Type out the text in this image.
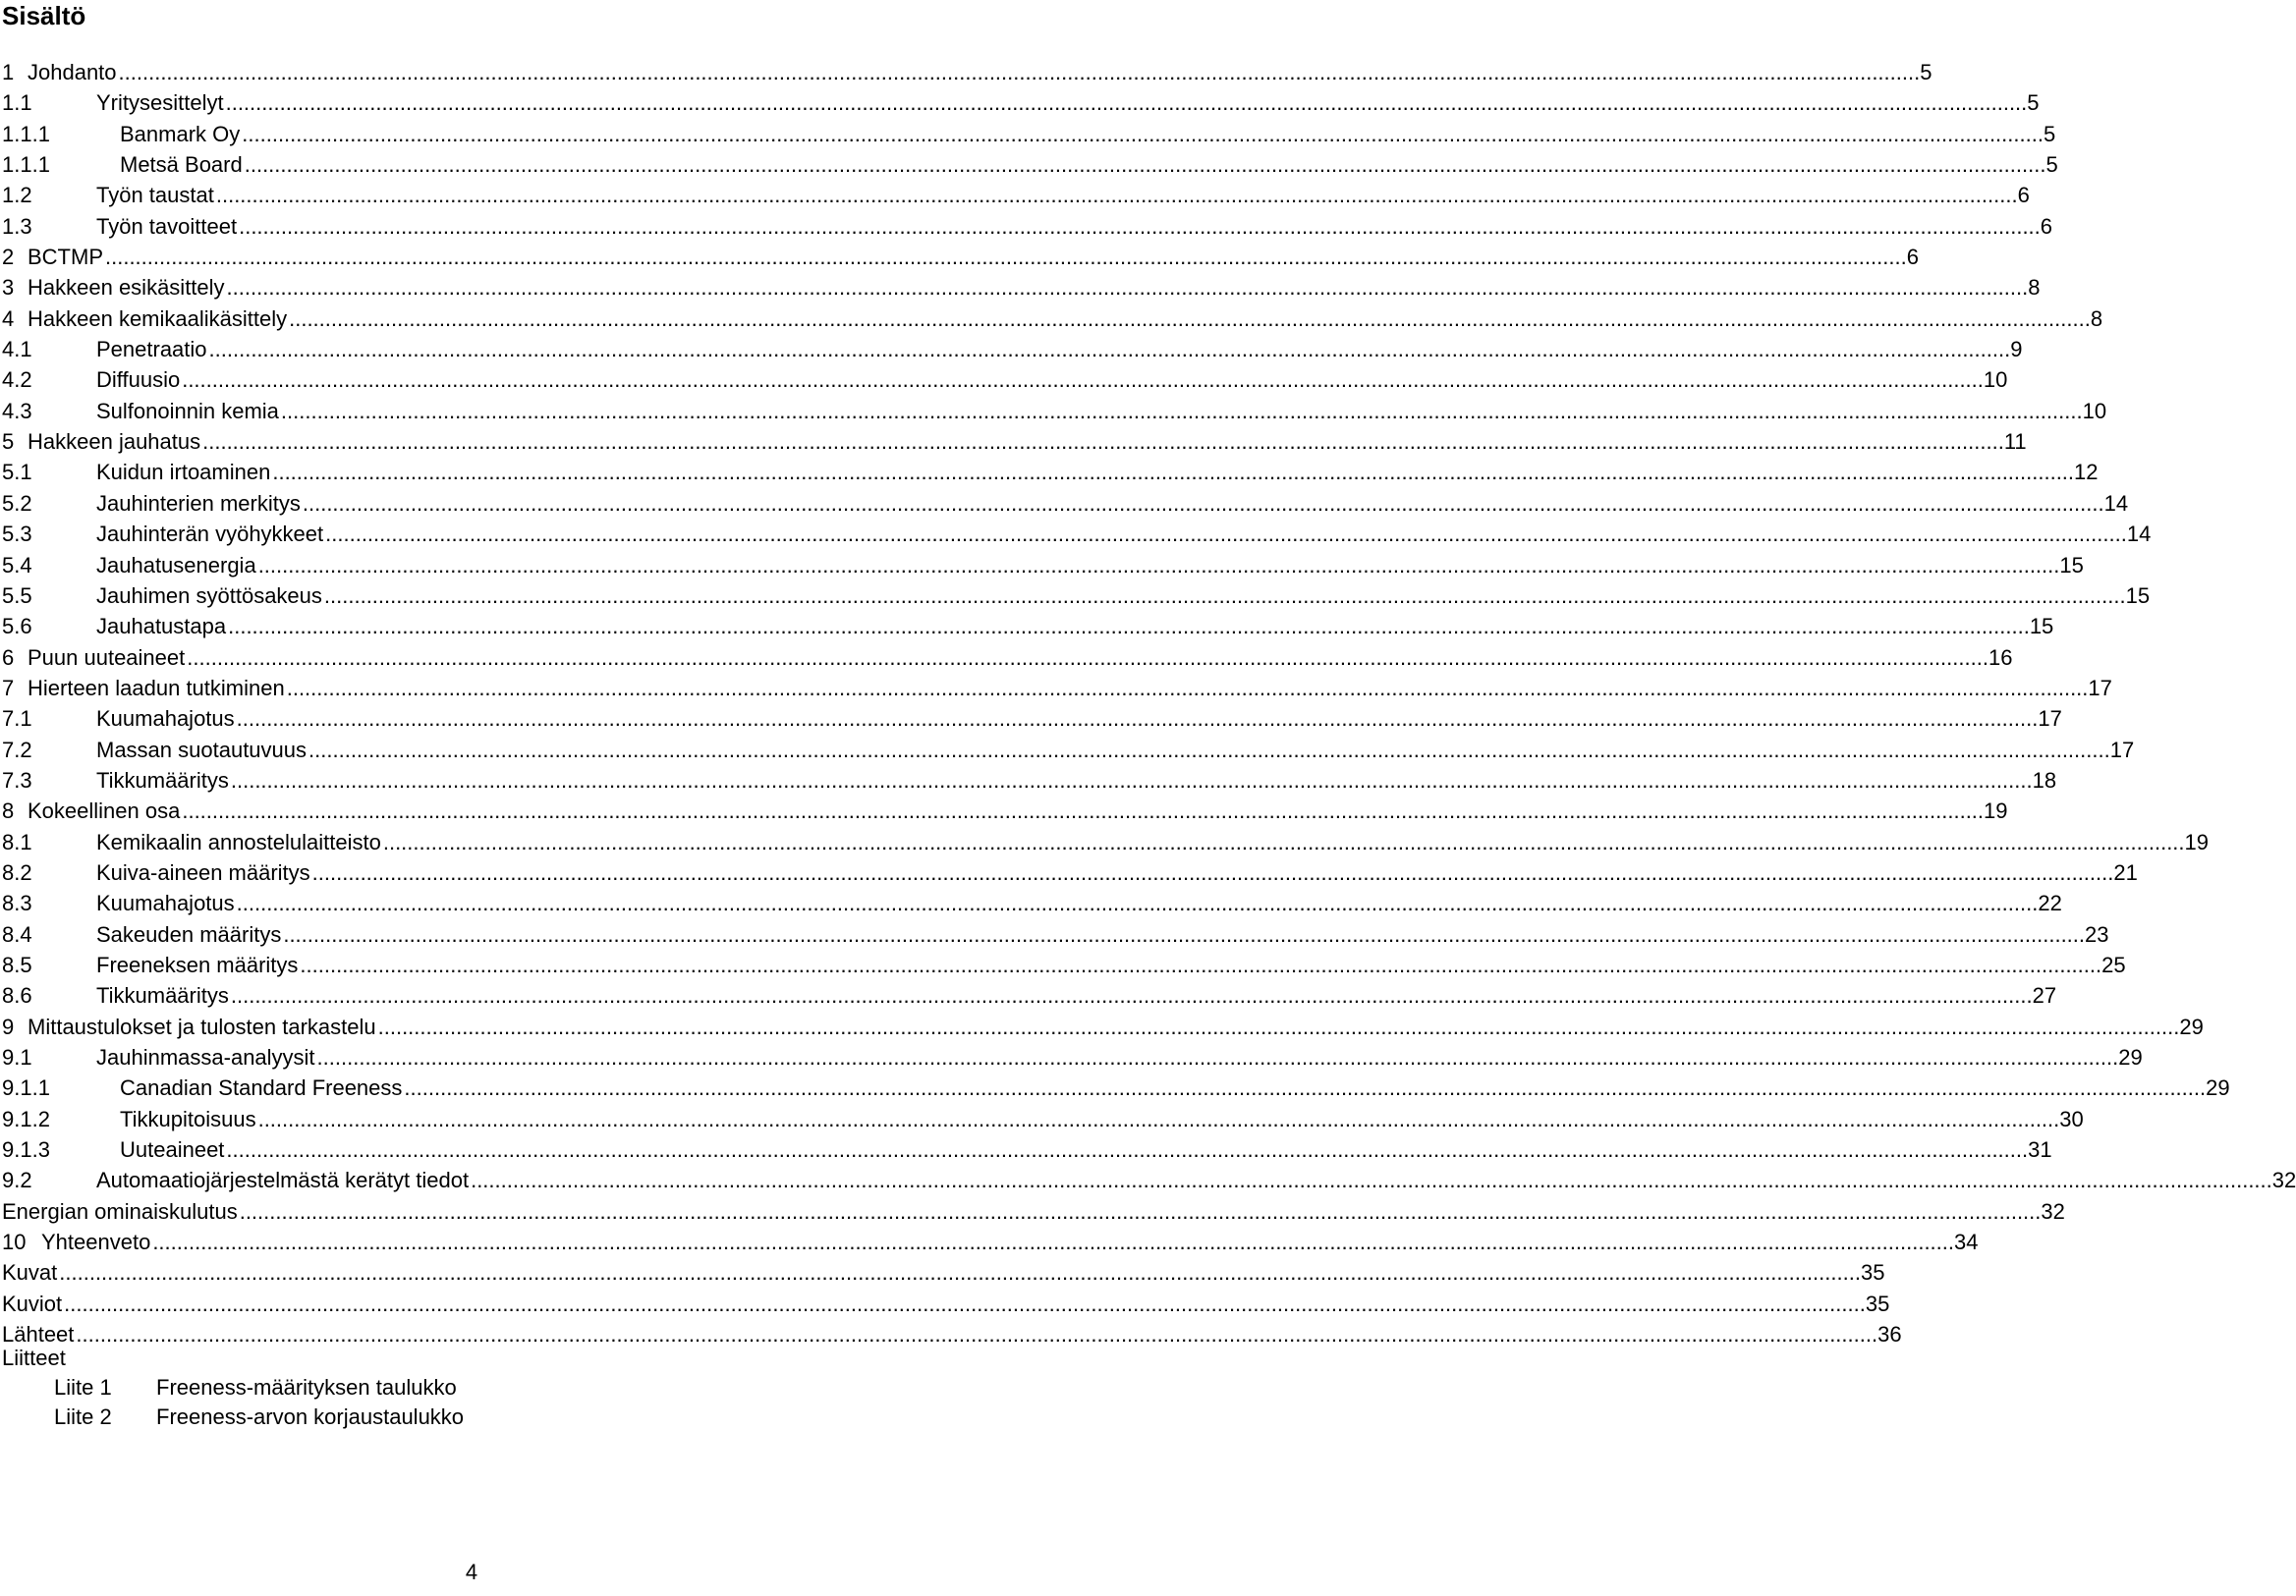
Sisältö
1 Johdanto ............................................................................................................................................................................................................................................................................................................ 5
1.1	Yritysesittelyt ............................................................................................................................................................................................................................................................................................................ 5
1.1.1	Banmark Oy ............................................................................................................................................................................................................................................................................................................ 5
1.1.1	Metsä Board ............................................................................................................................................................................................................................................................................................................ 5
1.2	Työn taustat ............................................................................................................................................................................................................................................................................................................ 6
1.3	Työn tavoitteet ............................................................................................................................................................................................................................................................................................................ 6
2 BCTMP ............................................................................................................................................................................................................................................................................................................ 6
3 Hakkeen esikäsittely ............................................................................................................................................................................................................................................................................................................ 8
4 Hakkeen kemikaalikäsittely ............................................................................................................................................................................................................................................................................................................ 8
4.1	Penetraatio ............................................................................................................................................................................................................................................................................................................ 9
4.2	Diffuusio ............................................................................................................................................................................................................................................................................................................ 10
4.3	Sulfonoinnin kemia ............................................................................................................................................................................................................................................................................................................ 10
5 Hakkeen jauhatus ............................................................................................................................................................................................................................................................................................................ 11
5.1	Kuidun irtoaminen ............................................................................................................................................................................................................................................................................................................ 12
5.2	Jauhinterien merkitys ............................................................................................................................................................................................................................................................................................................ 14
5.3	Jauhinterän vyöhykkeet ............................................................................................................................................................................................................................................................................................................ 14
5.4	Jauhatusenergia ............................................................................................................................................................................................................................................................................................................ 15
5.5	Jauhimen syöttösakeus ............................................................................................................................................................................................................................................................................................................ 15
5.6	Jauhatustapa ............................................................................................................................................................................................................................................................................................................ 15
6 Puun uuteaineet ............................................................................................................................................................................................................................................................................................................ 16
7 Hierteen laadun tutkiminen ............................................................................................................................................................................................................................................................................................................ 17
7.1	Kuumahajotus ............................................................................................................................................................................................................................................................................................................ 17
7.2	Massan suotautuvuus ............................................................................................................................................................................................................................................................................................................ 17
7.3	Tikkumääritys ............................................................................................................................................................................................................................................................................................................ 18
8 Kokeellinen osa ............................................................................................................................................................................................................................................................................................................ 19
8.1	Kemikaalin annostelulaitteisto ............................................................................................................................................................................................................................................................................................................ 19
8.2	Kuiva-aineen määritys ............................................................................................................................................................................................................................................................................................................ 21
8.3	Kuumahajotus ............................................................................................................................................................................................................................................................................................................ 22
8.4	Sakeuden määritys ............................................................................................................................................................................................................................................................................................................ 23
8.5	Freeneksen määritys ............................................................................................................................................................................................................................................................................................................ 25
8.6	Tikkumääritys ............................................................................................................................................................................................................................................................................................................ 27
9 Mittaustulokset ja tulosten tarkastelu ............................................................................................................................................................................................................................................................................................................ 29
9.1	Jauhinmassa-analyysit ............................................................................................................................................................................................................................................................................................................ 29
9.1.1	Canadian Standard Freeness ............................................................................................................................................................................................................................................................................................................ 29
9.1.2	Tikkupitoisuus ............................................................................................................................................................................................................................................................................................................ 30
9.1.3	Uuteaineet ............................................................................................................................................................................................................................................................................................................ 31
9.2	Automaatiojärjestelmästä kerätyt tiedot ............................................................................................................................................................................................................................................................................................................ 32
Energian ominaiskulutus ............................................................................................................................................................................................................................................................................................................ 32
10 Yhteenveto ............................................................................................................................................................................................................................................................................................................ 34
Kuvat ............................................................................................................................................................................................................................................................................................................ 35
Kuviot ............................................................................................................................................................................................................................................................................................................ 35
Lähteet ............................................................................................................................................................................................................................................................................................................ 36
Liitteet
Liite 1 Freeness-määrityksen taulukko
Liite 2 Freeness-arvon korjaustaulukko
4
